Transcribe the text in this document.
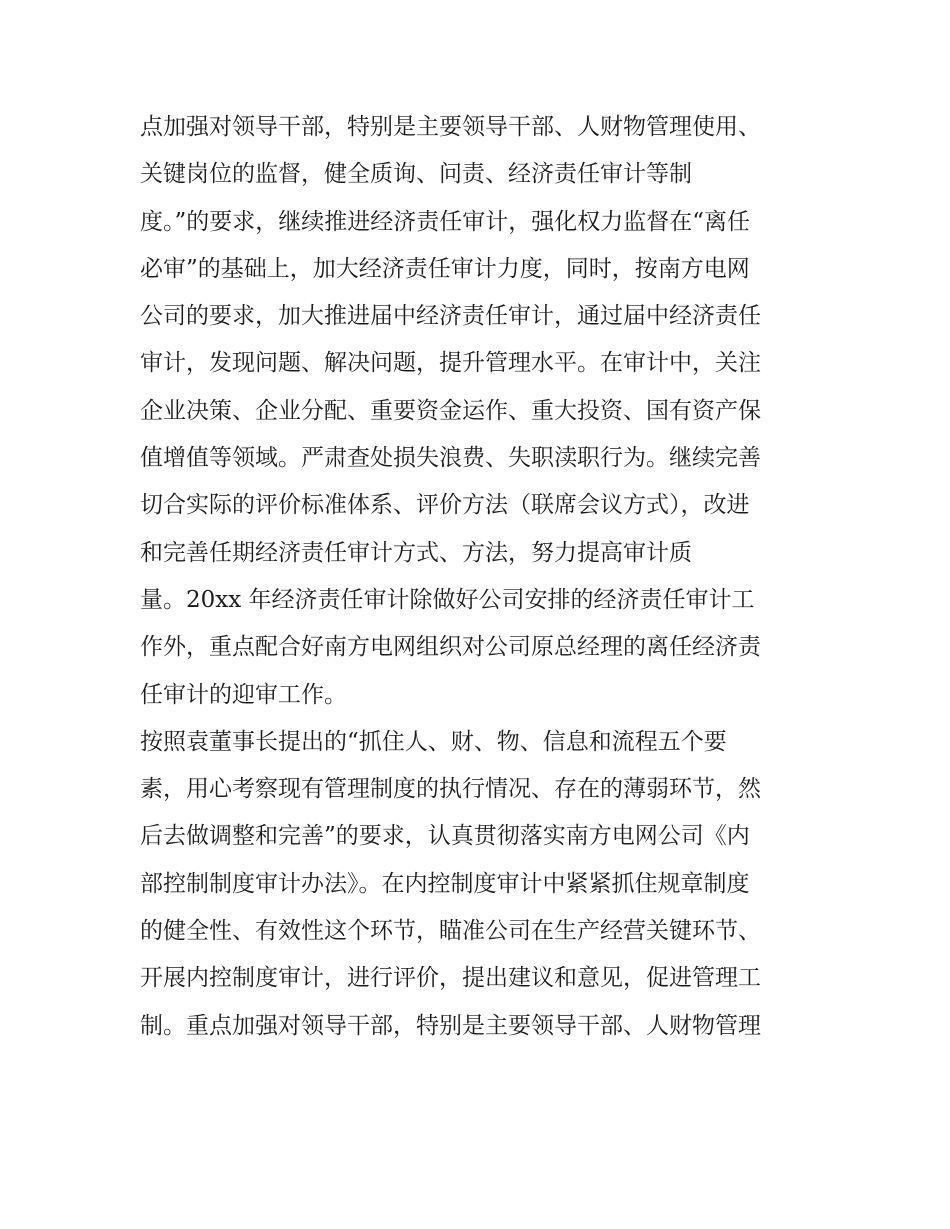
点加强对领导干部，特别是主要领导干部、人财物管理使用、
关键岗位的监督，健全质询、问责、经济责任审计等制
度。”的要求，继续推进经济责任审计，强化权力监督在“离任
必审”的基础上，加大经济责任审计力度，同时，按南方电网
公司的要求，加大推进届中经济责任审计，通过届中经济责任
审计，发现问题、解决问题，提升管理水平。在审计中，关注
企业决策、企业分配、重要资金运作、重大投资、国有资产保
值增值等领域。严肃查处损失浪费、失职渎职行为。继续完善
切合实际的评价标准体系、评价方法（联席会议方式），改进
和完善任期经济责任审计方式、方法，努力提高审计质
量。20xx 年经济责任审计除做好公司安排的经济责任审计工
作外，重点配合好南方电网组织对公司原总经理的离任经济责
任审计的迎审工作。
按照袁董事长提出的“抓住人、财、物、信息和流程五个要
素，用心考察现有管理制度的执行情况、存在的薄弱环节，然
后去做调整和完善”的要求，认真贯彻落实南方电网公司《内
部控制制度审计办法》。在内控制度审计中紧紧抓住规章制度
的健全性、有效性这个环节，瞄准公司在生产经营关键环节、
开展内控制度审计，进行评价，提出建议和意见，促进管理工
制。重点加强对领导干部，特别是主要领导干部、人财物管理
